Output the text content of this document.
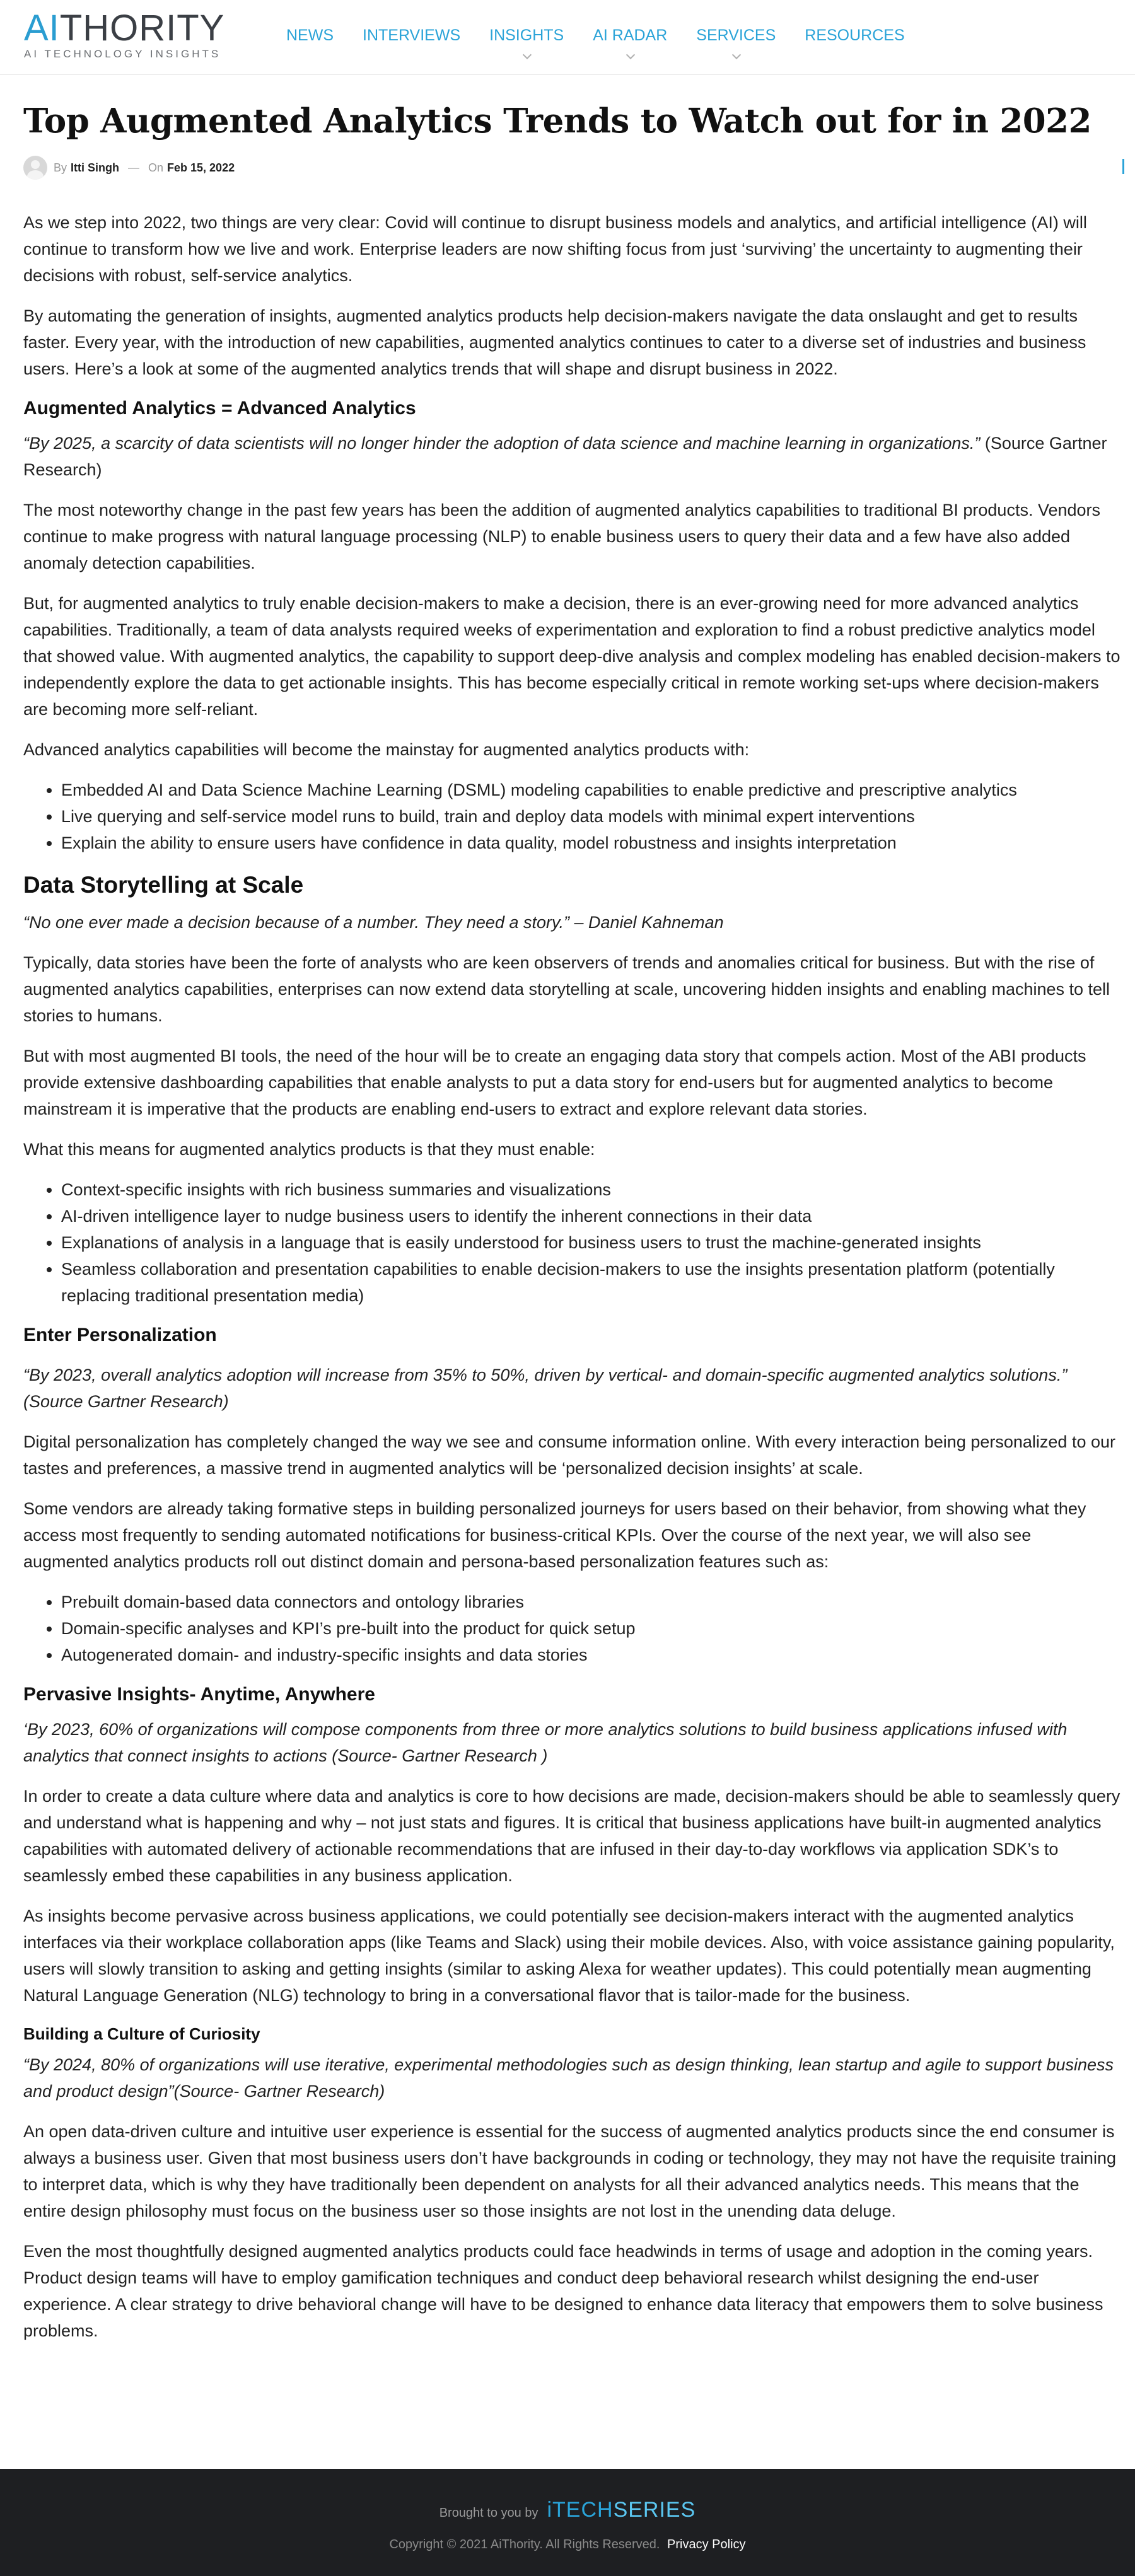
AITHORITY
AI TECHNOLOGY INSIGHTS
NEWS INTERVIEWS INSIGHTS AI RADAR SERVICES RESOURCES
Top Augmented Analytics Trends to Watch out for in 2022
By Itti Singh — On Feb 15, 2022

As we step into 2022, two things are very clear: Covid will continue to disrupt business models and analytics, and artificial intelligence (AI) will continue to transform how we live and work. Enterprise leaders are now shifting focus from just ‘surviving’ the uncertainty to augmenting their decisions with robust, self-service analytics.

By automating the generation of insights, augmented analytics products help decision-makers navigate the data onslaught and get to results faster. Every year, with the introduction of new capabilities, augmented analytics continues to cater to a diverse set of industries and business users. Here’s a look at some of the augmented analytics trends that will shape and disrupt business in 2022.

Augmented Analytics = Advanced Analytics

“By 2025, a scarcity of data scientists will no longer hinder the adoption of data science and machine learning in organizations.” (Source Gartner Research)

The most noteworthy change in the past few years has been the addition of augmented analytics capabilities to traditional BI products. Vendors continue to make progress with natural language processing (NLP) to enable business users to query their data and a few have also added anomaly detection capabilities.

But, for augmented analytics to truly enable decision-makers to make a decision, there is an ever-growing need for more advanced analytics capabilities. Traditionally, a team of data analysts required weeks of experimentation and exploration to find a robust predictive analytics model that showed value. With augmented analytics, the capability to support deep-dive analysis and complex modeling has enabled decision-makers to independently explore the data to get actionable insights. This has become especially critical in remote working set-ups where decision-makers are becoming more self-reliant.

Advanced analytics capabilities will become the mainstay for augmented analytics products with:

• Embedded AI and Data Science Machine Learning (DSML) modeling capabilities to enable predictive and prescriptive analytics
• Live querying and self-service model runs to build, train and deploy data models with minimal expert interventions
• Explain the ability to ensure users have confidence in data quality, model robustness and insights interpretation
Data Storytelling at Scale

“No one ever made a decision because of a number. They need a story.” – Daniel Kahneman

Typically, data stories have been the forte of analysts who are keen observers of trends and anomalies critical for business. But with the rise of augmented analytics capabilities, enterprises can now extend data storytelling at scale, uncovering hidden insights and enabling machines to tell stories to humans.

But with most augmented BI tools, the need of the hour will be to create an engaging data story that compels action. Most of the ABI products provide extensive dashboarding capabilities that enable analysts to put a data story for end-users but for augmented analytics to become mainstream it is imperative that the products are enabling end-users to extract and explore relevant data stories.

What this means for augmented analytics products is that they must enable:

• Context-specific insights with rich business summaries and visualizations
• AI-driven intelligence layer to nudge business users to identify the inherent connections in their data
• Explanations of analysis in a language that is easily understood for business users to trust the machine-generated insights
• Seamless collaboration and presentation capabilities to enable decision-makers to use the insights presentation platform (potentially replacing traditional presentation media)
Enter Personalization

“By 2023, overall analytics adoption will increase from 35% to 50%, driven by vertical- and domain-specific augmented analytics solutions.” (Source Gartner Research)

Digital personalization has completely changed the way we see and consume information online. With every interaction being personalized to our tastes and preferences, a massive trend in augmented analytics will be ‘personalized decision insights’ at scale.

Some vendors are already taking formative steps in building personalized journeys for users based on their behavior, from showing what they access most frequently to sending automated notifications for business-critical KPIs. Over the course of the next year, we will also see augmented analytics products roll out distinct domain and persona-based personalization features such as:

• Prebuilt domain-based data connectors and ontology libraries
• Domain-specific analyses and KPI’s pre-built into the product for quick setup
• Autogenerated domain- and industry-specific insights and data stories
Pervasive Insights- Anytime, Anywhere

‘By 2023, 60% of organizations will compose components from three or more analytics solutions to build business applications infused with analytics that connect insights to actions (Source- Gartner Research )

In order to create a data culture where data and analytics is core to how decisions are made, decision-makers should be able to seamlessly query and understand what is happening and why – not just stats and figures. It is critical that business applications have built-in augmented analytics capabilities with automated delivery of actionable recommendations that are infused in their day-to-day workflows via application SDK’s to seamlessly embed these capabilities in any business application.

As insights become pervasive across business applications, we could potentially see decision-makers interact with the augmented analytics interfaces via their workplace collaboration apps (like Teams and Slack) using their mobile devices. Also, with voice assistance gaining popularity, users will slowly transition to asking and getting insights (similar to asking Alexa for weather updates). This could potentially mean augmenting Natural Language Generation (NLG) technology to bring in a conversational flavor that is tailor-made for the business.

Building a Culture of Curiosity

“By 2024, 80% of organizations will use iterative, experimental methodologies such as design thinking, lean startup and agile to support business and product design”(Source- Gartner Research)

An open data-driven culture and intuitive user experience is essential for the success of augmented analytics products since the end consumer is always a business user. Given that most business users don’t have backgrounds in coding or technology, they may not have the requisite training to interpret data, which is why they have traditionally been dependent on analysts for all their advanced analytics needs. This means that the entire design philosophy must focus on the business user so those insights are not lost in the unending data deluge.

Even the most thoughtfully designed augmented analytics products could face headwinds in terms of usage and adoption in the coming years. Product design teams will have to employ gamification techniques and conduct deep behavioral research whilst designing the end-user experience. A clear strategy to drive behavioral change will have to be designed to enhance data literacy that empowers them to solve business problems.

Brought to you by iTECHSERIES
Copyright © 2021 AiThority. All Rights Reserved. Privacy Policy
